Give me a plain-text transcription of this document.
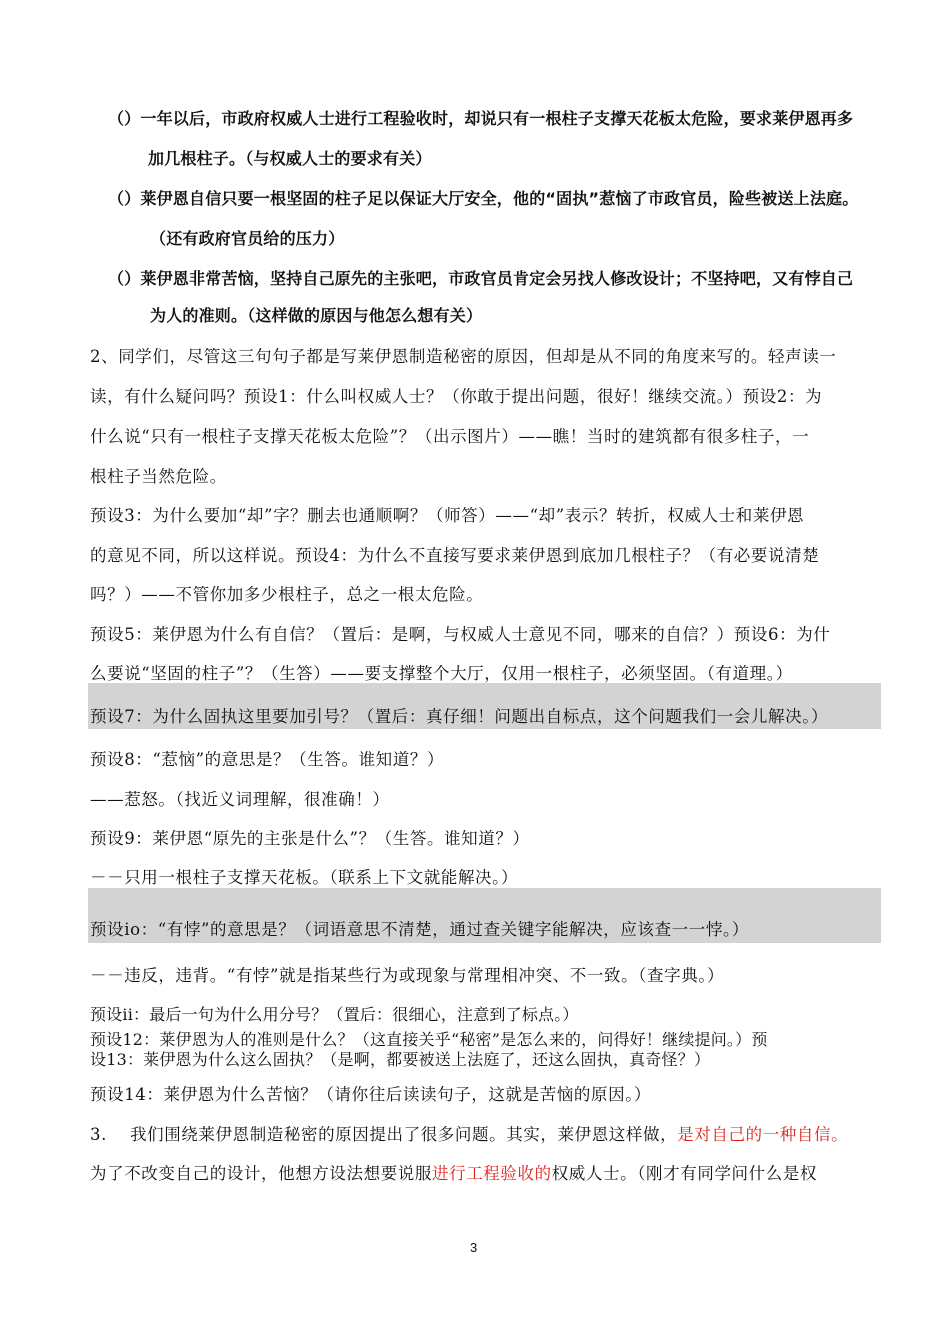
（）一年以后，市政府权威人士进行工程验收时，却说只有一根柱子支撑天花板太危险，要求莱伊恩再多
加几根柱子。（与权威人士的要求有关）
（）莱伊恩自信只要一根坚固的柱子足以保证大厅安全，他的“固执”惹恼了市政官员，险些被送上法庭。
（还有政府官员给的压力）
（）莱伊恩非常苦恼，坚持自己原先的主张吧，市政官员肯定会另找人修改设计；不坚持吧，又有悖自己
为人的准则。（这样做的原因与他怎么想有关）
2、同学们，尽管这三句句子都是写莱伊恩制造秘密的原因，但却是从不同的角度来写的。轻声读一
读，有什么疑问吗？预设1：什么叫权威人士？（你敢于提出问题，很好！继续交流。）预设2：为
什么说“只有一根柱子支撑天花板太危险”？（出示图片）——瞧！当时的建筑都有很多柱子，一
根柱子当然危险。
预设3：为什么要加“却”字？删去也通顺啊？（师答）——“却”表示？转折，权威人士和莱伊恩
的意见不同，所以这样说。预设4：为什么不直接写要求莱伊恩到底加几根柱子？（有必要说清楚
吗？）——不管你加多少根柱子，总之一根太危险。
预设5：莱伊恩为什么有自信？（置后：是啊，与权威人士意见不同，哪来的自信？）预设6：为什
么要说“坚固的柱子”？（生答）——要支撑整个大厅，仅用一根柱子，必须坚固。（有道理。）
预设7：为什么固执这里要加引号？（置后：真仔细！问题出自标点，这个问题我们一会儿解决。）
预设8：“惹恼”的意思是？（生答。谁知道？）
——惹怒。（找近义词理解，很准确！）
预设9：莱伊恩“原先的主张是什么”？（生答。谁知道？）
－－只用一根柱子支撑天花板。（联系上下文就能解决。）
预设io：“有悖”的意思是？（词语意思不清楚，通过查关键字能解决，应该查一一悖。）
－－违反，违背。“有悖”就是指某些行为或现象与常理相冲突、不一致。（查字典。）
预设ii：最后一句为什么用分号？（置后：很细心，注意到了标点。）
预设12：莱伊恩为人的准则是什么？（这直接关乎“秘密”是怎么来的，问得好！继续提问。）预
设13：莱伊恩为什么这么固执？（是啊，都要被送上法庭了，还这么固执，真奇怪？）
预设14：莱伊恩为什么苦恼？（请你往后读读句子，这就是苦恼的原因。）
3. 我们围绕莱伊恩制造秘密的原因提出了很多问题。其实，莱伊恩这样做，是对自己的一种自信。
为了不改变自己的设计，他想方设法想要说服进行工程验收的权威人士。（刚才有同学问什么是权
3
